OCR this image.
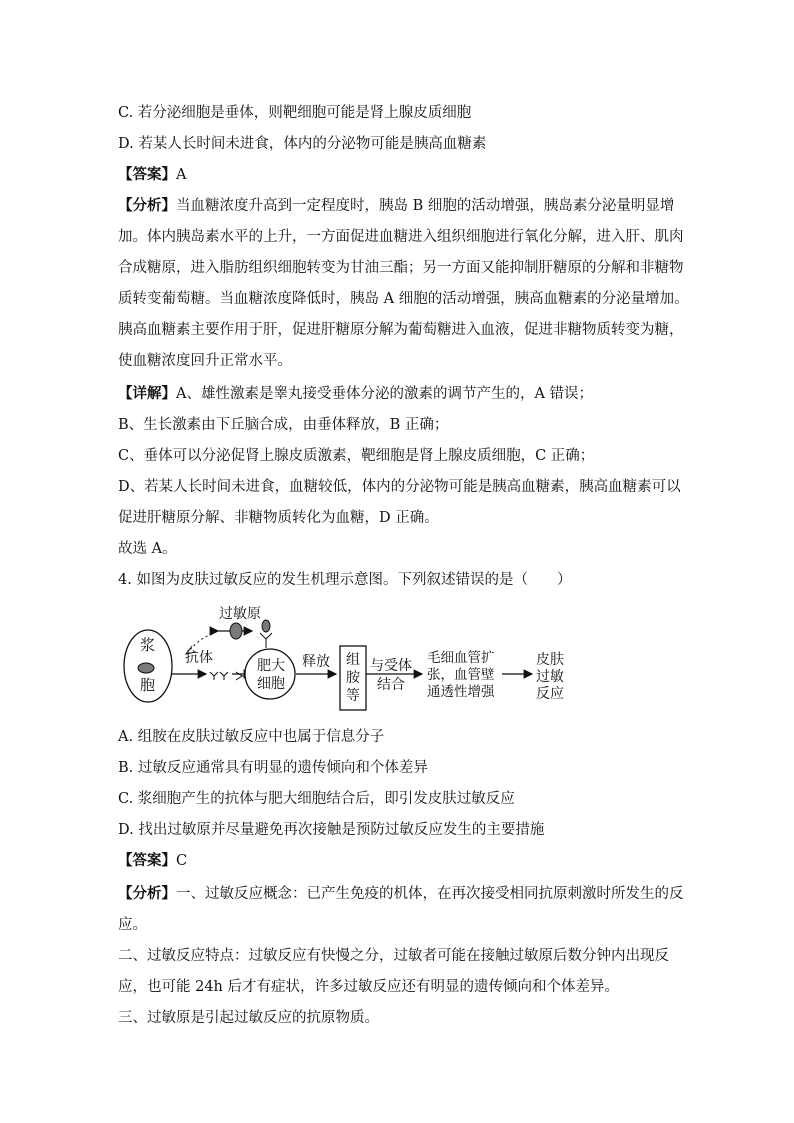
C. 若分泌细胞是垂体，则靶细胞可能是肾上腺皮质细胞
D. 若某人长时间未进食，体内的分泌物可能是胰高血糖素
【答案】A
【分析】当血糖浓度升高到一定程度时，胰岛 B 细胞的活动增强，胰岛素分泌量明显增
加。体内胰岛素水平的上升，一方面促进血糖进入组织细胞进行氧化分解，进入肝、肌肉
合成糖原，进入脂肪组织细胞转变为甘油三酯；另一方面又能抑制肝糖原的分解和非糖物
质转变葡萄糖。当血糖浓度降低时，胰岛 A 细胞的活动增强，胰高血糖素的分泌量增加。
胰高血糖素主要作用于肝，促进肝糖原分解为葡萄糖进入血液，促进非糖物质转变为糖，
使血糖浓度回升正常水平。
【详解】A、雄性激素是睾丸接受垂体分泌的激素的调节产生的，A 错误；
B、生长激素由下丘脑合成，由垂体释放，B 正确；
C、垂体可以分泌促肾上腺皮质激素，靶细胞是肾上腺皮质细胞，C 正确；
D、若某人长时间未进食，血糖较低，体内的分泌物可能是胰高血糖素，胰高血糖素可以
促进肝糖原分解、非糖物质转化为血糖，D 正确。
故选 A。
4. 如图为皮肤过敏反应的发生机理示意图。下列叙述错误的是（　　）
过敏原
浆
胞
抗体	肥大
细胞
释放 组
胺
等
与受体
结合
毛细血管扩
张，血管壁
通透性增强
皮肤
过敏
反应
A. 组胺在皮肤过敏反应中也属于信息分子
B. 过敏反应通常具有明显的遗传倾向和个体差异
C. 浆细胞产生的抗体与肥大细胞结合后，即引发皮肤过敏反应
D. 找出过敏原并尽量避免再次接触是预防过敏反应发生的主要措施
【答案】C
【分析】一、过敏反应概念：已产生免疫的机体，在再次接受相同抗原刺激时所发生的反
应。
二、过敏反应特点：过敏反应有快慢之分，过敏者可能在接触过敏原后数分钟内出现反
应，也可能 24h 后才有症状，许多过敏反应还有明显的遗传倾向和个体差异。
三、过敏原是引起过敏反应的抗原物质。
